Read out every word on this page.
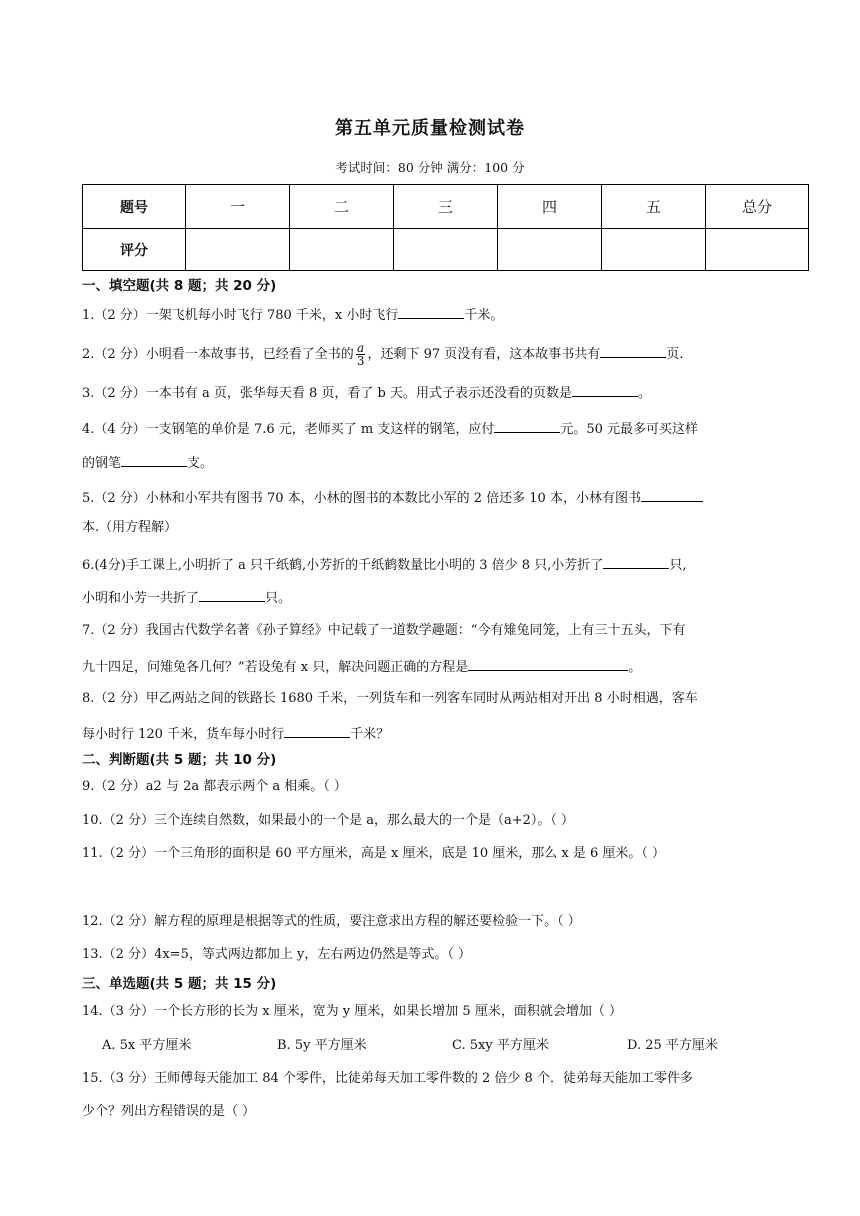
第五单元质量检测试卷
考试时间：80 分钟 满分：100 分
题号	一	二	三	四	五	总分
评分						
一、填空题(共 8 题；共 20 分)
1.（2 分）一架飞机每小时飞行 780 千米，x 小时飞行	千米。
2.（2 分）小明看一本故事书，已经看了全书的 $\frac{a}{3}$ ，还剩下 97 页没有看，这本故事书共有	页.
3.（2 分）一本书有 a 页，张华每天看 8 页，看了 b 天。用式子表示还没看的页数是	。
4.（4 分）一支钢笔的单价是 7.6 元，老师买了 m 支这样的钢笔，应付	元。50 元最多可买这样
的钢笔	支。
5.（2 分）小林和小军共有图书 70 本，小林的图书的本数比小军的 2 倍还多 10 本，小林有图书
本.（用方程解）
6.(4分)手工课上,小明折了 a 只千纸鹤,小芳折的千纸鹤数量比小明的 3 倍少 8 只,小芳折了	只,
小明和小芳一共折了	只。
7.（2 分）我国古代数学名著《孙子算经》中记载了一道数学趣题：“今有雉兔同笼，上有三十五头，下有
九十四足，问雉兔各几何？”若设兔有 x 只，解决问题正确的方程是	。
8.（2 分）甲乙两站之间的铁路长 1680 千米，一列货车和一列客车同时从两站相对开出 8 小时相遇，客车
每小时行 120 千米，货车每小时行	千米？
二、判断题(共 5 题；共 10 分)
9.（2 分）a2 与 2a 都表示两个 a 相乘。（ ）
10.（2 分）三个连续自然数，如果最小的一个是 a，那么最大的一个是（a+2）。（ ）
11.（2 分）一个三角形的面积是 60 平方厘米，高是 x 厘米，底是 10 厘米，那么 x 是 6 厘米。（ ）
12.（2 分）解方程的原理是根据等式的性质，要注意求出方程的解还要检验一下。（ ）
13.（2 分）4x=5，等式两边都加上 y，左右两边仍然是等式。（ ）
三、单选题(共 5 题；共 15 分)
14.（3 分）一个长方形的长为 x 厘米，宽为 y 厘米，如果长增加 5 厘米，面积就会增加（ ）
A. 5x 平方厘米	B. 5y 平方厘米	C. 5xy 平方厘米	D. 25 平方厘米
15.（3 分）王师傅每天能加工 84 个零件，比徒弟每天加工零件数的 2 倍少 8 个．徒弟每天能加工零件多
少个？列出方程错误的是（ ）
